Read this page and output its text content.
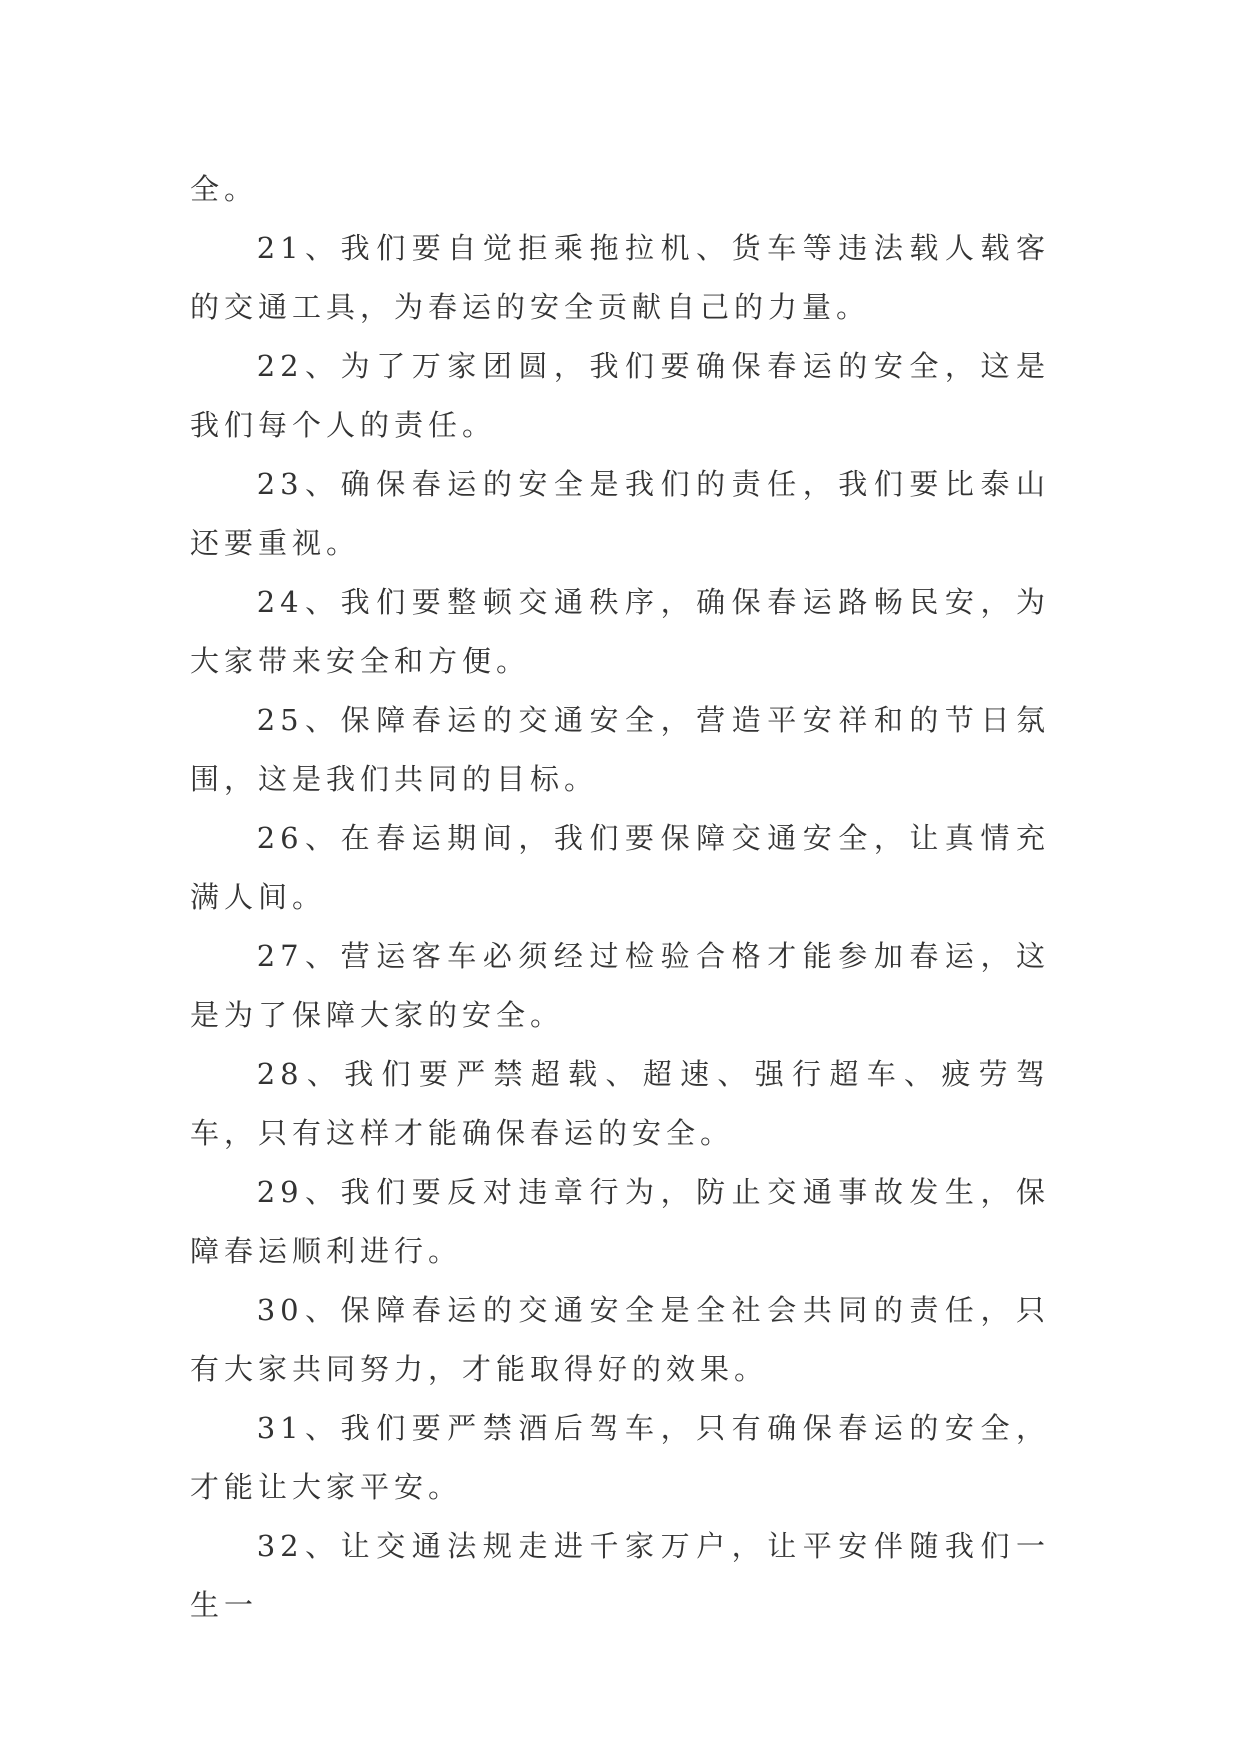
全。

21、我们要自觉拒乘拖拉机、货车等违法载人载客的交通工具，为春运的安全贡献自己的力量。

22、为了万家团圆，我们要确保春运的安全，这是我们每个人的责任。

23、确保春运的安全是我们的责任，我们要比泰山还要重视。

24、我们要整顿交通秩序，确保春运路畅民安，为大家带来安全和方便。

25、保障春运的交通安全，营造平安祥和的节日氛围，这是我们共同的目标。

26、在春运期间，我们要保障交通安全，让真情充满人间。

27、营运客车必须经过检验合格才能参加春运，这是为了保障大家的安全。

28、我们要严禁超载、超速、强行超车、疲劳驾车，只有这样才能确保春运的安全。

29、我们要反对违章行为，防止交通事故发生，保障春运顺利进行。

30、保障春运的交通安全是全社会共同的责任，只有大家共同努力，才能取得好的效果。

31、我们要严禁酒后驾车，只有确保春运的安全，才能让大家平安。

32、让交通法规走进千家万户，让平安伴随我们一生一
